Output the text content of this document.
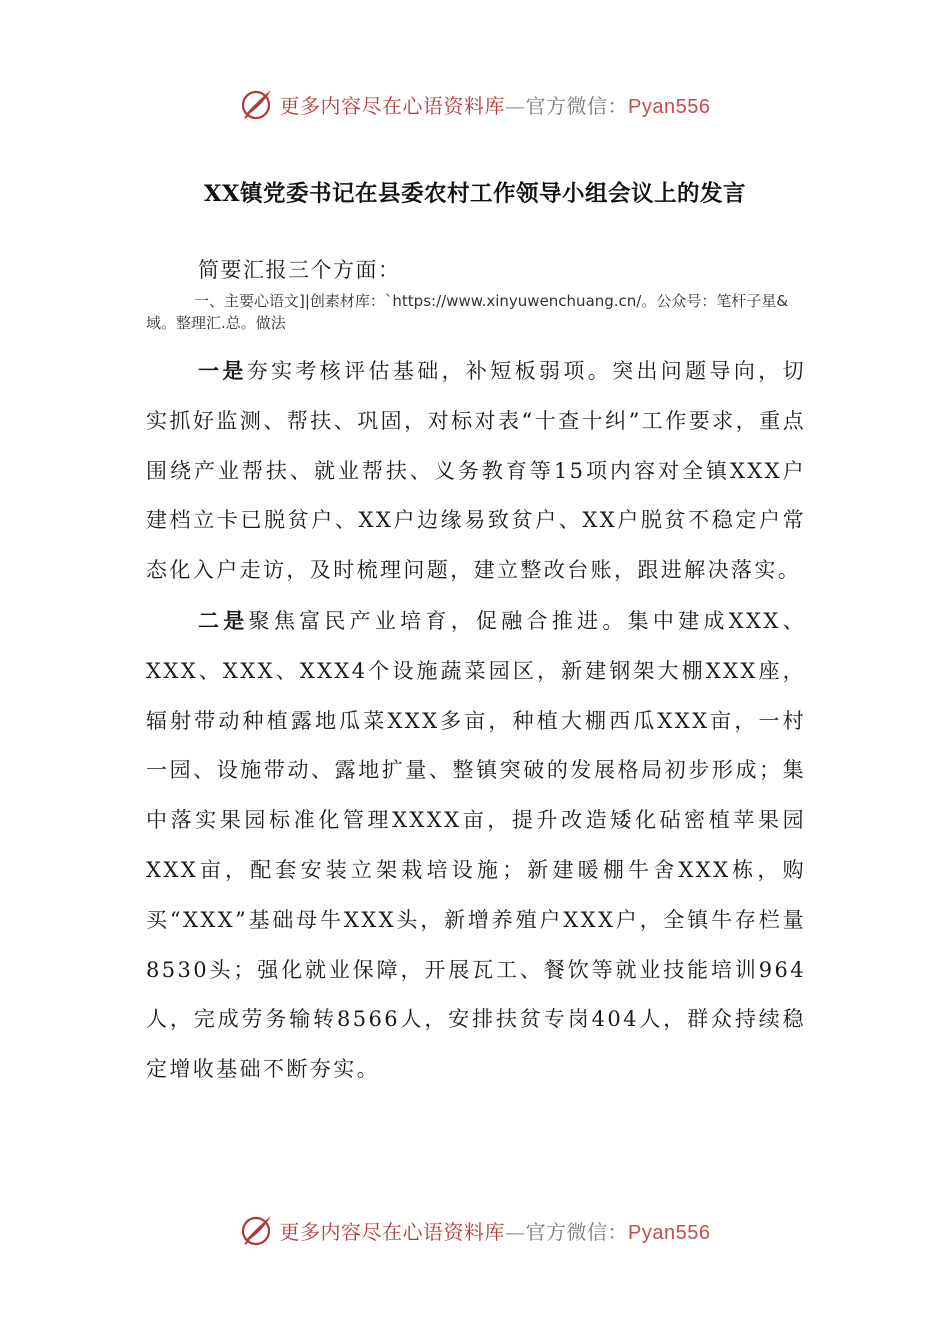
更多内容尽在心语资料库—官方微信：Pyan556
XX镇党委书记在县委农村工作领导小组会议上的发言

简要汇报三个方面：

一、主要心语文]|创素材库：`https://www.xinyuwenchuang.cn/。公众号：笔杆子星&域。整理汇.总。做法

一是夯实考核评估基础，补短板弱项。突出问题导向，切实抓好监测、帮扶、巩固，对标对表“十查十纠”工作要求，重点围绕产业帮扶、就业帮扶、义务教育等15项内容对全镇XXX户建档立卡已脱贫户、XX户边缘易致贫户、XX户脱贫不稳定户常态化入户走访，及时梳理问题，建立整改台账，跟进解决落实。

二是聚焦富民产业培育，促融合推进。集中建成XXX、XXX、XXX、XXX4个设施蔬菜园区，新建钢架大棚XXX座，辐射带动种植露地瓜菜XXX多亩，种植大棚西瓜XXX亩，一村一园、设施带动、露地扩量、整镇突破的发展格局初步形成；集中落实果园标准化管理XXXX亩，提升改造矮化砧密植苹果园XXX亩，配套安装立架栽培设施；新建暖棚牛舍XXX栋，购买“XXX”基础母牛XXX头，新增养殖户XXX户，全镇牛存栏量8530头；强化就业保障，开展瓦工、餐饮等就业技能培训964人，完成劳务输转8566人，安排扶贫专岗404人，群众持续稳定增收基础不断夯实。

更多内容尽在心语资料库—官方微信：Pyan556
